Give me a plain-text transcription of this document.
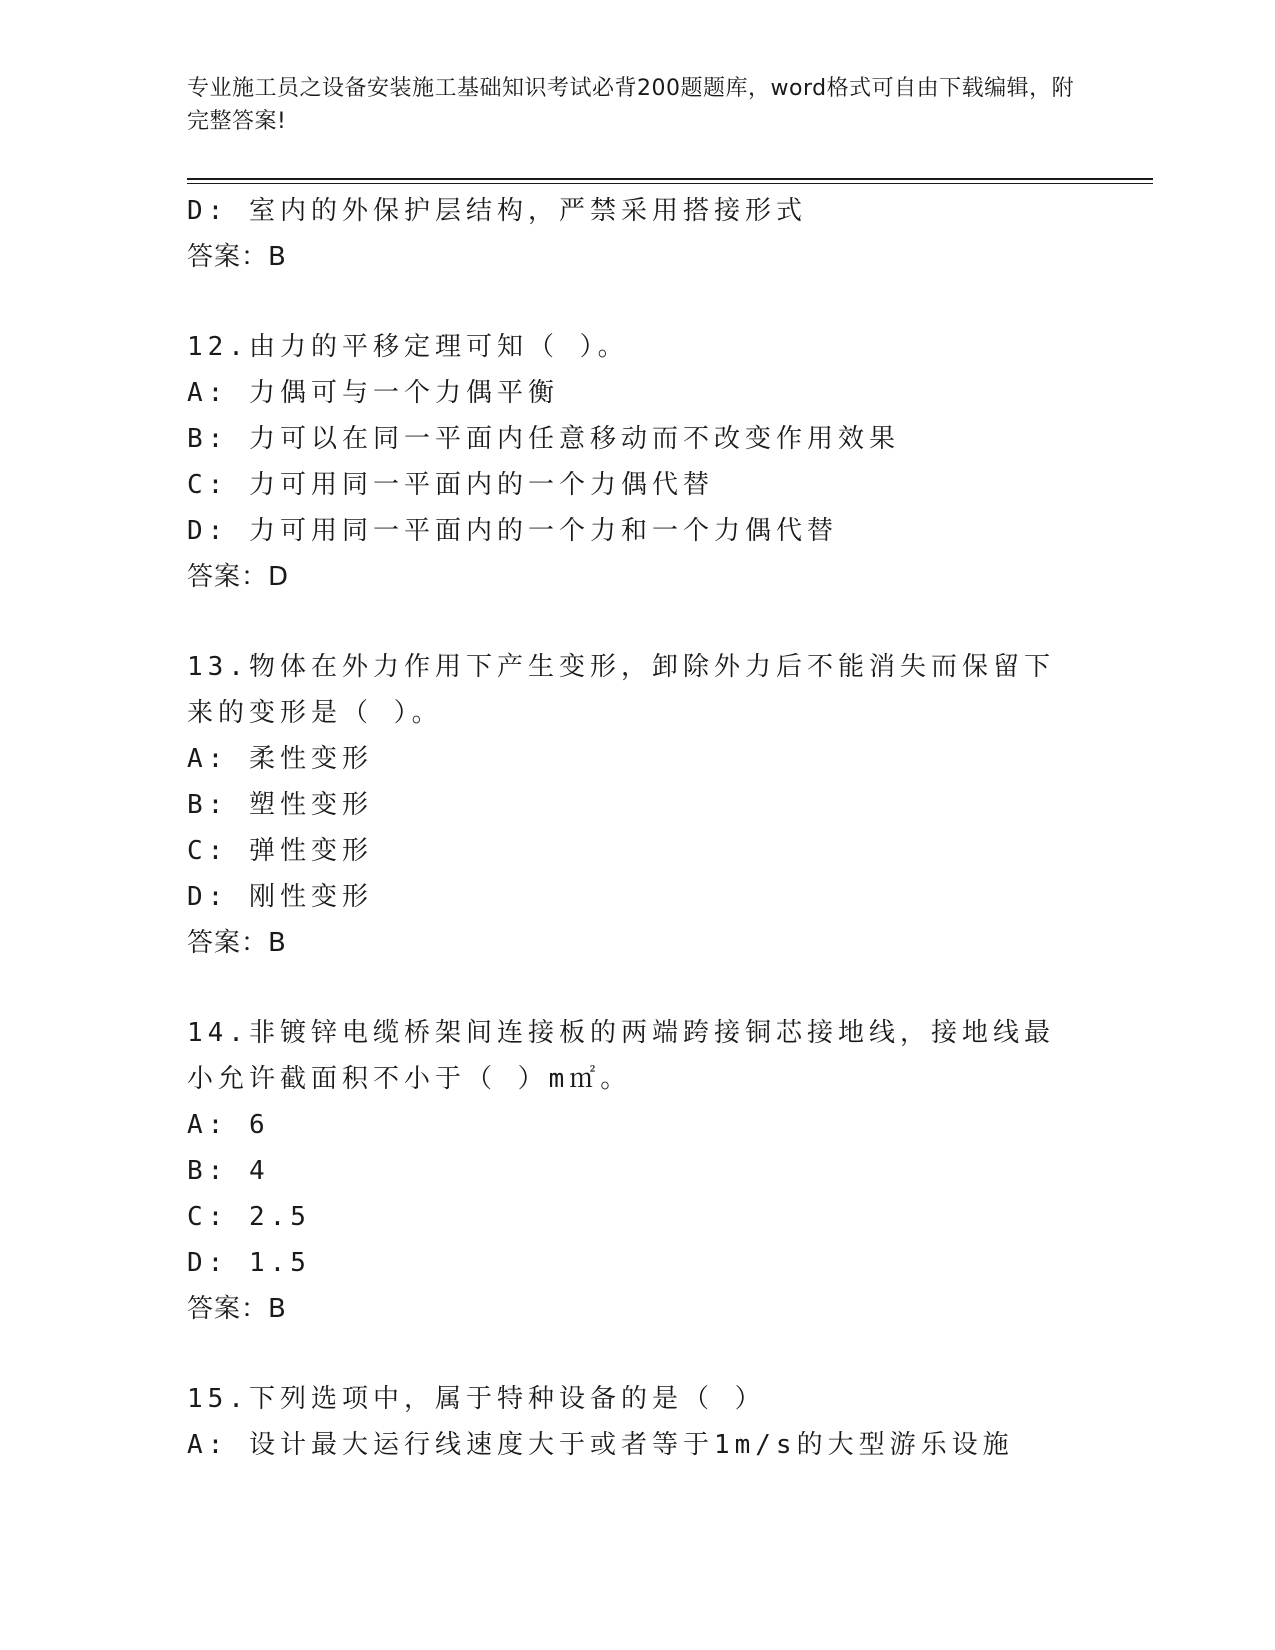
专业施工员之设备安装施工基础知识考试必背200题题库，word格式可自由下载编辑，附完整答案!
D: 室内的外保护层结构，严禁采用搭接形式
答案：B
12.由力的平移定理可知（ ）。
A: 力偶可与一个力偶平衡
B: 力可以在同一平面内任意移动而不改变作用效果
C: 力可用同一平面内的一个力偶代替
D: 力可用同一平面内的一个力和一个力偶代替
答案：D
13.物体在外力作用下产生变形，卸除外力后不能消失而保留下来的变形是（ ）。
A: 柔性变形
B: 塑性变形
C: 弹性变形
D: 刚性变形
答案：B
14.非镀锌电缆桥架间连接板的两端跨接铜芯接地线，接地线最小允许截面积不小于（ ）m㎡。
A: 6
B: 4
C: 2.5
D: 1.5
答案：B
15.下列选项中，属于特种设备的是（ ）
A: 设计最大运行线速度大于或者等于1m/s的大型游乐设施
